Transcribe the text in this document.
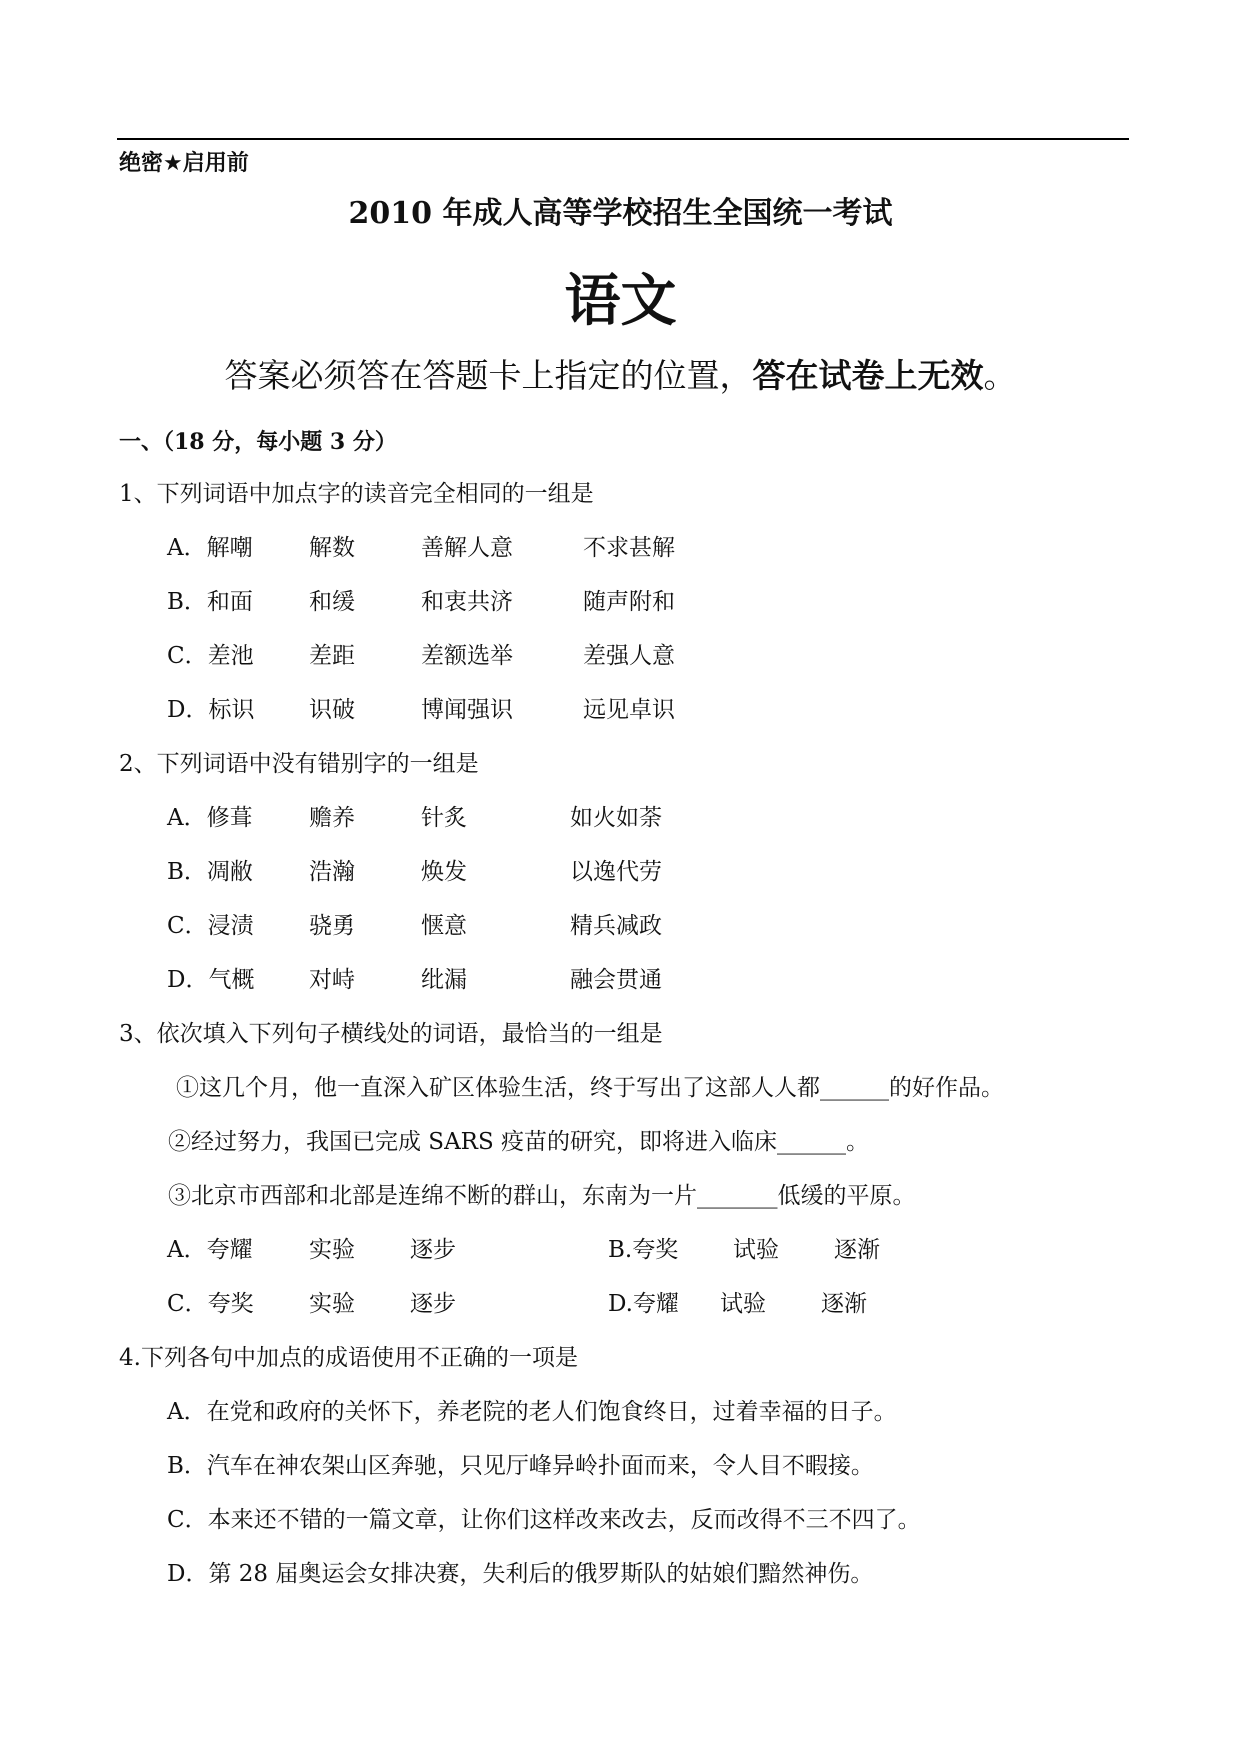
绝密★启用前
2010 年成人高等学校招生全国统一考试
语文
答案必须答在答题卡上指定的位置，答在试卷上无效。
一、（18 分，每小题 3 分）
1、下列词语中加点字的读音完全相同的一组是
A．解嘲 解数	善解人意	不求甚解
B．和面 和缓	和衷共济	随声附和
C．差池 差距	差额选举	差强人意
D．标识 识破	博闻强识	远见卓识
2、下列词语中没有错别字的一组是
A．修葺 赡养	针炙	如火如荼
B．凋敝 浩瀚	焕发	以逸代劳
C．浸渍 骁勇	惬意	精兵减政
D．气概 对峙	纰漏	融会贯通
3、依次填入下列句子横线处的词语，最恰当的一组是
①这几个月，他一直深入矿区体验生活，终于写出了这部人人都______的好作品。
②经过努力，我国已完成 SARS 疫苗的研究，即将进入临床______。
③北京市西部和北部是连绵不断的群山，东南为一片_______低缓的平原。
A．夸耀 实验 逐步	B.夸奖 试验 逐渐
C．夸奖 实验 逐步	D.夸耀 试验 逐渐
4.下列各句中加点的成语使用不正确的一项是
A．在党和政府的关怀下，养老院的老人们饱食终日，过着幸福的日子。
B．汽车在神农架山区奔驰，只见厅峰异岭扑面而来，令人目不暇接。
C．本来还不错的一篇文章，让你们这样改来改去，反而改得不三不四了。
D．第 28 届奥运会女排决赛，失利后的俄罗斯队的姑娘们黯然神伤。
